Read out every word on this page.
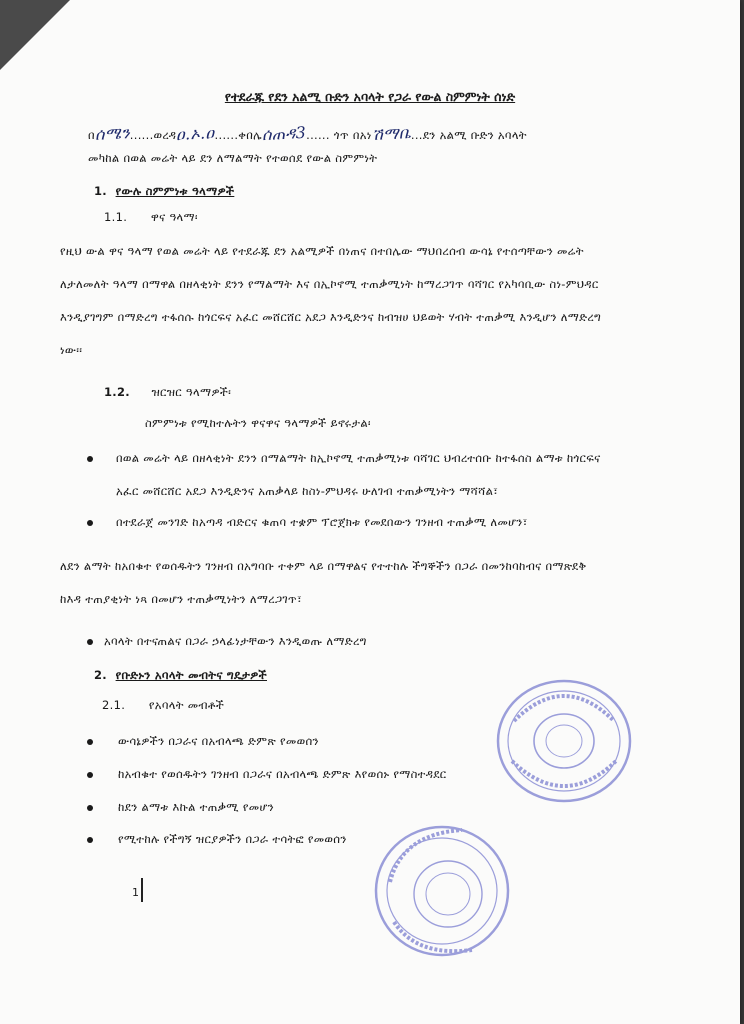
የተደራጁ የደን አልሚ ቡድን አባላት የጋራ የውል ስምምነት ሰነድ
በሰሜን......ወረዳዐ.ኦ.ዐ......ቀበሌሰጠዳ3...... ጎጥ በአነሽማቤ...ደን አልሚ ቡድን አባላት
መካከል በወል መሬት ላይ ደን ለማልማት የተወሰደ የውል ስምምነት
1. የውሉ ስምምነቱ ዓላማዎች
1.1. ዋና ዓላማ፡
የዚህ ውል ዋና ዓላማ የወል መሬት ላይ የተደራጁ ደን አልሚዎች በነጠና በተበሌው ማህበረሰብ ውሳኔ የተሰጣቸውን መሬት
ለታለመለት ዓላማ በማዋል በዘላቂነት ደንን የማልማት እና በኢኮኖሚ ተጠቃሚነት ከማረጋገጥ ባሻገር የአካባቢው ስነ-ምህዳር
እንዲያገግም በማድረግ ተፋሰሱ ከጎርፍና አፈር መሸርሸር አደጋ እንዲድንና ከብዝሀ ህይወት ሃብት ተጠቃሚ እንዲሆን ለማድረግ
ነው፡፡
1.2. ዝርዝር ዓላማዎች፡
ስምምነቱ የሚከተሉትን ዋናዋና ዓላማዎች ይኖሩታል፡
በወል መሬት ላይ በዘላቂነት ደንን በማልማት ከኢኮኖሚ ተጠቃሚነቱ ባሻገር ህብረተሰቡ ከተፋሰስ ልማቱ ከጎርፍና
አፈር መሸርሸር አደጋ እንዲድንና አጠቃላይ ከስነ-ምህዳሩ ሁለገብ ተጠቃሚነትን ማሻሻል፣
በተደራጀ መንገድ ከአጣዳ ብድርና ቁጠባ ተቋም ፕሮጀክቱ የመደበውን ገንዘብ ተጠቃሚ ለመሆን፣
ለደን ልማት ከአበቁተ የወሰዱትን ገንዘብ በአግባቡ ተቀም ላይ በማዋልና የተተከሉ ችግኞችን በጋራ በመንከባከብና በማጽደቅ
ከእዳ ተጠያቂነት ነጻ በመሆን ተጠቃሚነትን ለማረጋገጥ፣
አባላት በተናጠልና በጋራ ኃላፊነታቸውን እንዲወጡ ለማድረግ
2. የቡድኑን አባላት መብትና ግዴታዎች
2.1. የአባላት መብቶች
ውሳኔዎችን በጋራና በአብላጫ ድምጽ የመወሰን
ከአብቁተ የወሰዱትን ገንዘብ በጋራና በአብላጫ ድምጽ እየወሰኑ የማስተዳደር
ከደን ልማቱ እኩል ተጠቃሚ የመሆን
የሚተከሉ የችግኝ ዝርያዎችን በጋራ ተሳትፎ የመወሰን
1
